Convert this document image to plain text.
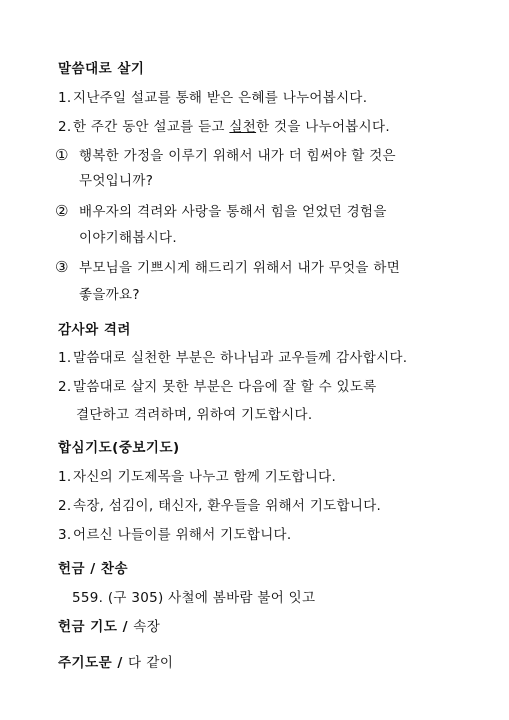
말씀대로 살기
1. 지난주일 설교를 통해 받은 은혜를 나누어봅시다.
2. 한 주간 동안 설교를 듣고 실천한 것을 나누어봅시다.
① 행복한 가정을 이루기 위해서 내가 더 힘써야 할 것은
무엇입니까?
② 배우자의 격려와 사랑을 통해서 힘을 얻었던 경험을
이야기해봅시다.
③ 부모님을 기쁘시게 해드리기 위해서 내가 무엇을 하면
좋을까요?
감사와 격려
1. 말씀대로 실천한 부분은 하나님과 교우들께 감사합시다.
2. 말씀대로 살지 못한 부분은 다음에 잘 할 수 있도록
결단하고 격려하며, 위하여 기도합시다.
합심기도(중보기도)
1. 자신의 기도제목을 나누고 함께 기도합니다.
2. 속장, 섬김이, 태신자, 환우들을 위해서 기도합니다.
3. 어르신 나들이를 위해서 기도합니다.
헌금 / 찬송
559. (구 305) 사철에 봄바람 불어 잇고
헌금 기도 / 속장
주기도문 / 다 같이
